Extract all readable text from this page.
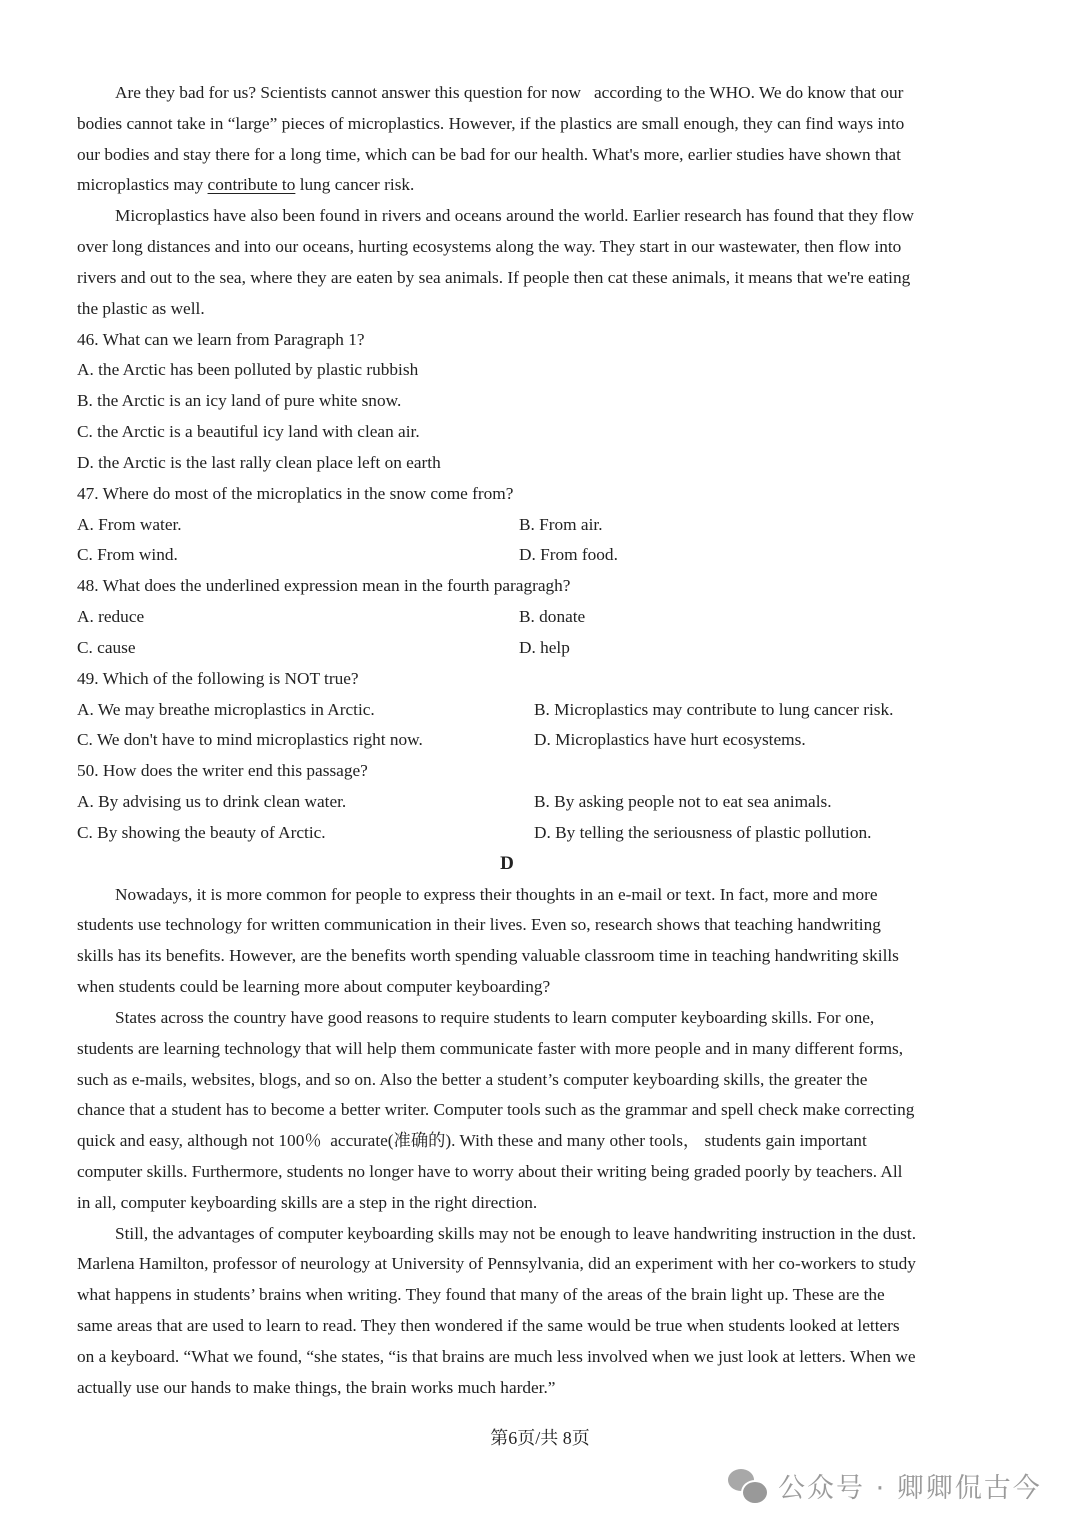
Are they bad for us? Scientists cannot answer this question for now   according to the WHO. We do know that our
bodies cannot take in “large” pieces of microplastics. However, if the plastics are small enough, they can find ways into
our bodies and stay there for a long time, which can be bad for our health. What's more, earlier studies have shown that
microplastics may contribute to lung cancer risk.
Microplastics have also been found in rivers and oceans around the world. Earlier research has found that they flow
over long distances and into our oceans, hurting ecosystems along the way. They start in our wastewater, then flow into
rivers and out to the sea, where they are eaten by sea animals. If people then cat these animals, it means that we're eating
the plastic as well.
46. What can we learn from Paragraph 1?
A. the Arctic has been polluted by plastic rubbish
B. the Arctic is an icy land of pure white snow.
C. the Arctic is a beautiful icy land with clean air.
D. the Arctic is the last rally clean place left on earth
47. Where do most of the microplatics in the snow come from?
A. From water.	B. From air.
C. From wind.	D. From food.
48. What does the underlined expression mean in the fourth paragragh?
A. reduce	B. donate
C. cause	D. help
49. Which of the following is NOT true?
A. We may breathe microplastics in Arctic.	B. Microplastics may contribute to lung cancer risk.
C. We don't have to mind microplastics right now.	D. Microplastics have hurt ecosystems.
50. How does the writer end this passage?
A. By advising us to drink clean water.	B. By asking people not to eat sea animals.
C. By showing the beauty of Arctic.	D. By telling the seriousness of plastic pollution.
D
Nowadays, it is more common for people to express their thoughts in an e-mail or text. In fact, more and more
students use technology for written communication in their lives. Even so, research shows that teaching handwriting
skills has its benefits. However, are the benefits worth spending valuable classroom time in teaching handwriting skills
when students could be learning more about computer keyboarding?
States across the country have good reasons to require students to learn computer keyboarding skills. For one,
students are learning technology that will help them communicate faster with more people and in many different forms,
such as e-mails, websites, blogs, and so on. Also the better a student’s computer keyboarding skills, the greater the
chance that a student has to become a better writer. Computer tools such as the grammar and spell check make correcting
quick and easy, although not 100％  accurate(准确的). With these and many other tools， students gain important
computer skills. Furthermore, students no longer have to worry about their writing being graded poorly by teachers. All
in all, computer keyboarding skills are a step in the right direction.
Still, the advantages of computer keyboarding skills may not be enough to leave handwriting instruction in the dust.
Marlena Hamilton, professor of neurology at University of Pennsylvania, did an experiment with her co-workers to study
what happens in students’ brains when writing. They found that many of the areas of the brain light up. These are the
same areas that are used to learn to read. They then wondered if the same would be true when students looked at letters
on a keyboard. “What we found, “she states, “is that brains are much less involved when we just look at letters. When we
actually use our hands to make things, the brain works much harder.”
第6页/共 8页
公众号 · 卿卿侃古今
